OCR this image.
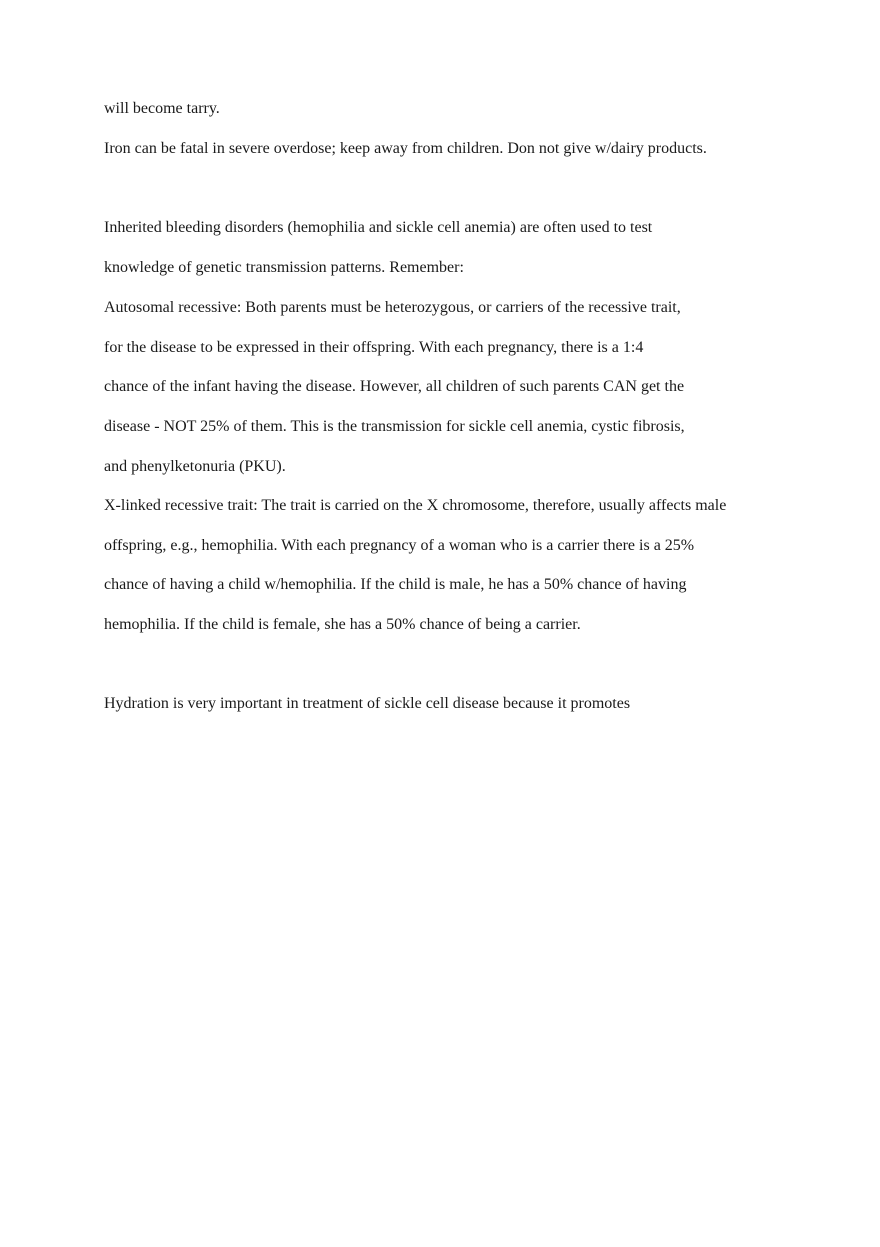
will become tarry.

Iron can be fatal in severe overdose; keep away from children. Don not give w/dairy products.

Inherited bleeding disorders (hemophilia and sickle cell anemia) are often used to test

knowledge of genetic transmission patterns. Remember:

Autosomal recessive: Both parents must be heterozygous, or carriers of the recessive trait,

for the disease to be expressed in their offspring. With each pregnancy, there is a 1:4

chance of the infant having the disease. However, all children of such parents CAN get the

disease - NOT 25% of them. This is the transmission for sickle cell anemia, cystic fibrosis,

and phenylketonuria (PKU).

X-linked recessive trait: The trait is carried on the X chromosome, therefore, usually affects male

offspring, e.g., hemophilia. With each pregnancy of a woman who is a carrier there is a 25%

chance of having a child w/hemophilia. If the child is male, he has a 50% chance of having

hemophilia. If the child is female, she has a 50% chance of being a carrier.

Hydration is very important in treatment of sickle cell disease because it promotes
